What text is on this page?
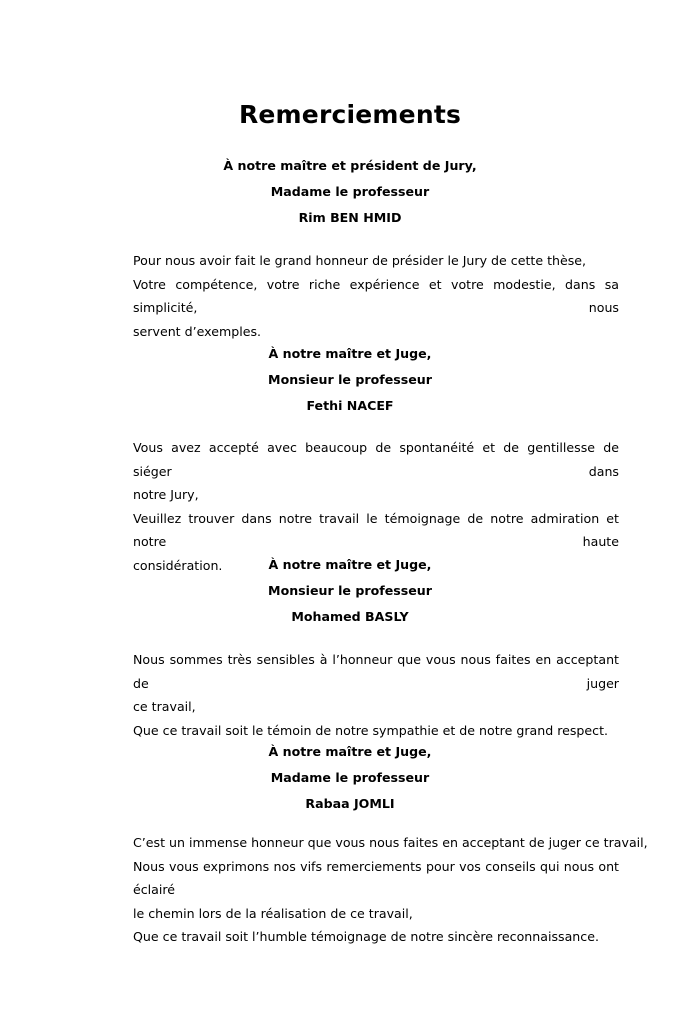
Remerciements
À notre maître et président de Jury,
Madame le professeur
Rim BEN HMID
Pour nous avoir fait le grand honneur de présider le Jury de cette thèse,
Votre compétence, votre riche expérience et votre modestie, dans sa simplicité, nous
servent d’exemples.
À notre maître et Juge,
Monsieur le professeur
Fethi NACEF
Vous avez accepté avec beaucoup de spontanéité et de gentillesse de siéger dans
notre Jury,
Veuillez trouver dans notre travail le témoignage de notre admiration et notre haute
considération.	À notre maître et Juge,
Monsieur le professeur
Mohamed BASLY
Nous sommes très sensibles à l’honneur que vous nous faites en acceptant de juger
ce travail,
Que ce travail soit le témoin de notre sympathie et de notre grand respect.
À notre maître et Juge,
Madame le professeur
Rabaa JOMLI
C’est un immense honneur que vous nous faites en acceptant de juger ce travail,
Nous vous exprimons nos vifs remerciements pour vos conseils qui nous ont éclairé
le chemin lors de la réalisation de ce travail,
Que ce travail soit l’humble témoignage de notre sincère reconnaissance.
